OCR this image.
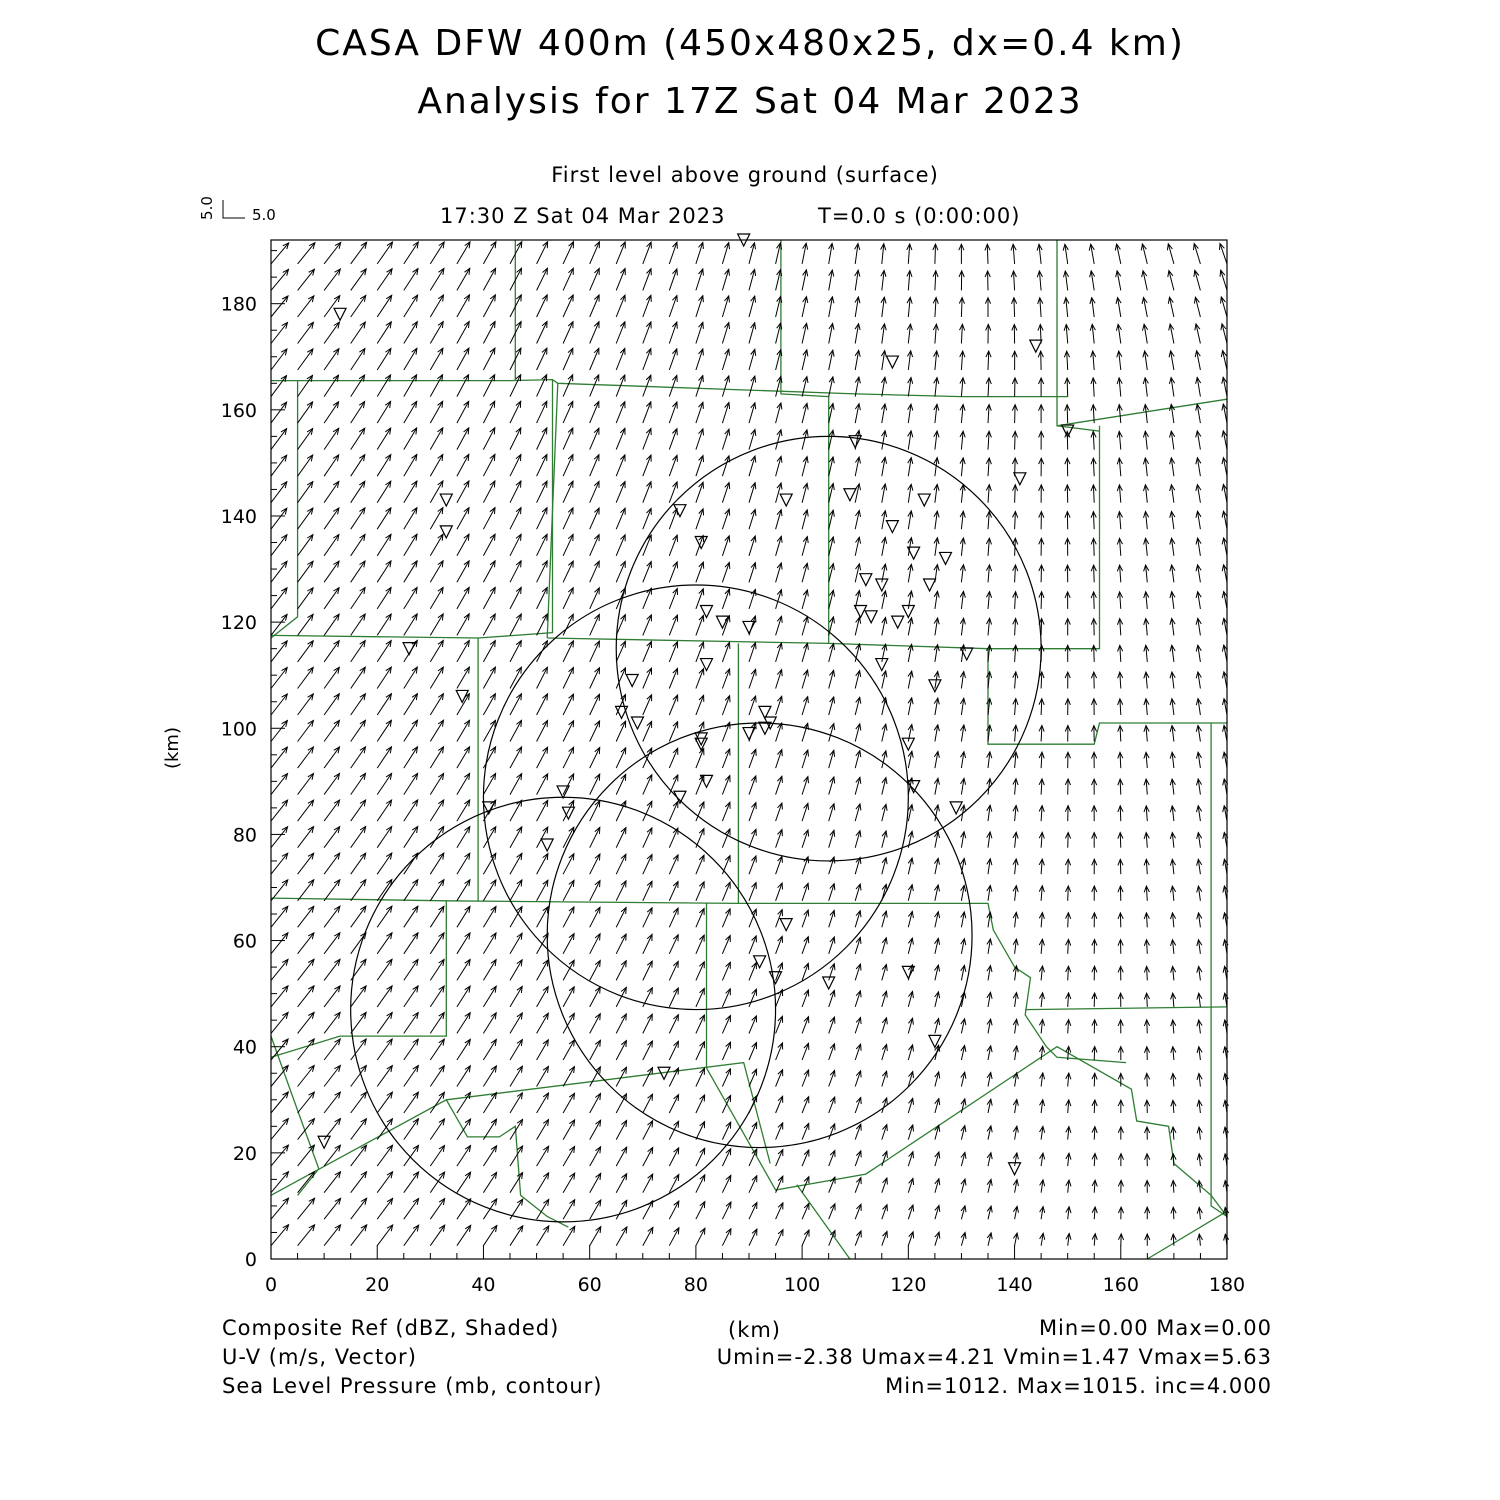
CASA DFW 400m (450x480x25, dx=0.4 km)
Analysis for 17Z Sat 04 Mar 2023
First level above ground (surface)
17:30 Z Sat 04 Mar 2023	T=0.0 s (0:00:00)
5.0 5.0
0	20	40	60	80	100	120	140	160	180
0
20
40
60
80
100
120
140
160
180
(km)
(km)
Composite Ref (dBZ, Shaded)
U-V (m/s, Vector)
Sea Level Pressure (mb, contour)
Min=0.00 Max=0.00
Umin=-2.38 Umax=4.21 Vmin=1.47 Vmax=5.63
Min=1012. Max=1015. inc=4.000
